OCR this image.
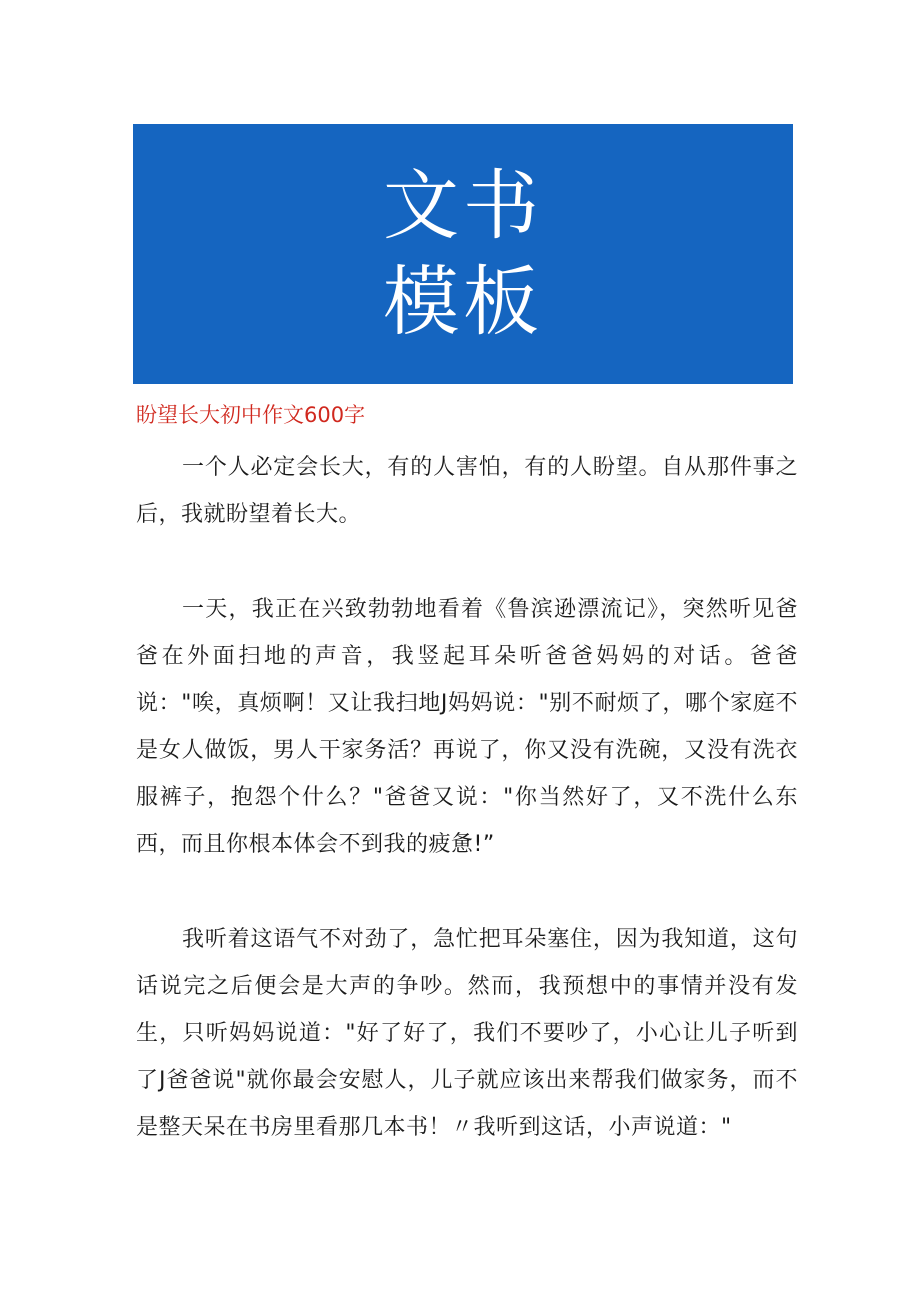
文书
模板
盼望长大初中作文600字

一个人必定会长大，有的人害怕，有的人盼望。自从那件事之后，我就盼望着长大。

一天，我正在兴致勃勃地看着《鲁滨逊漂流记》，突然听见爸爸在外面扫地的声音，我竖起耳朵听爸爸妈妈的对话。爸爸说："唉，真烦啊！又让我扫地J妈妈说："别不耐烦了，哪个家庭不是女人做饭，男人干家务活？再说了，你又没有洗碗，又没有洗衣服裤子，抱怨个什么？"爸爸又说："你当然好了，又不洗什么东西，而且你根本体会不到我的疲惫!”

我听着这语气不对劲了，急忙把耳朵塞住，因为我知道，这句话说完之后便会是大声的争吵。然而，我预想中的事情并没有发生，只听妈妈说道："好了好了，我们不要吵了，小心让儿子听到了J爸爸说"就你最会安慰人，儿子就应该出来帮我们做家务，而不是整天呆在书房里看那几本书！〃我听到这话，小声说道："
